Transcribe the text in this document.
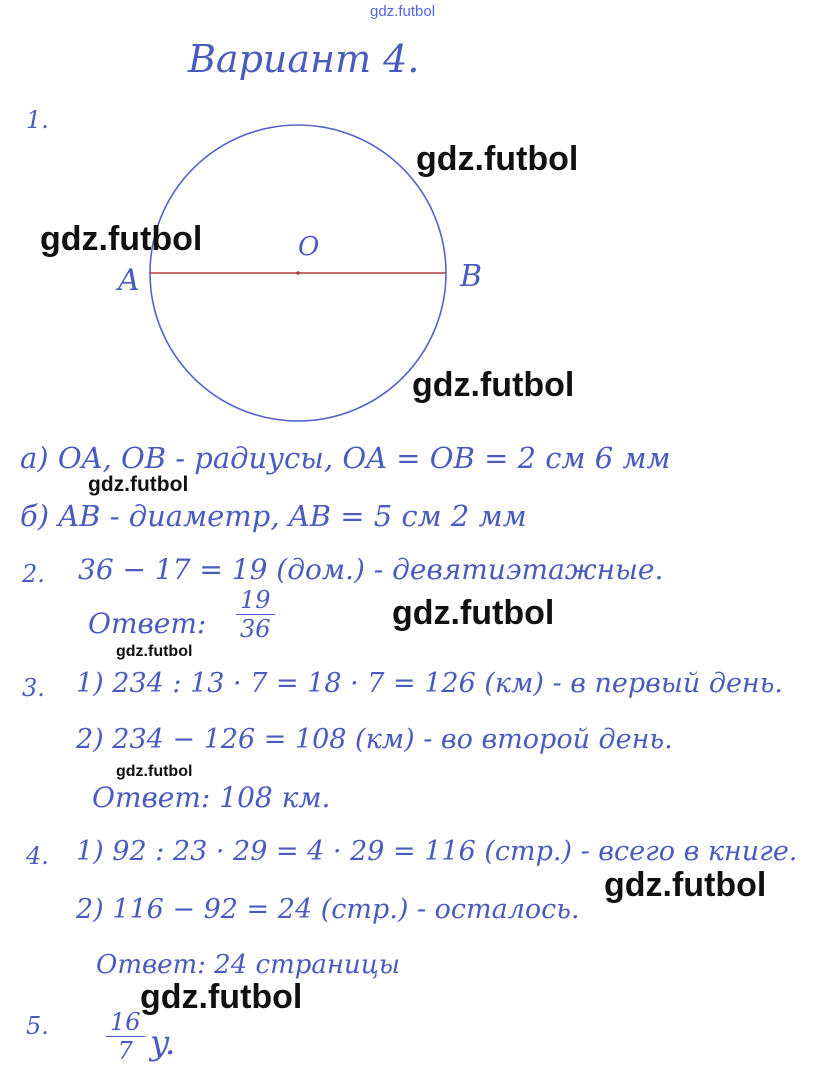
gdz.futbol
Вариант 4.
1.
A
O
B
а) OA, OB - радиусы, OA = OB = 2 см 6 мм
б) AB - диаметр, AB = 5 см 2 мм
2. 36 − 17 = 19 (дом.) - девятиэтажные.
Ответ: $\frac{19}{36}$
3. 1) 234 : 13 · 7 = 18 · 7 = 126 (км) - в первый день.
2) 234 − 126 = 108 (км) - во второй день.
Ответ: 108 км.
4. 1) 92 : 23 · 29 = 4 · 29 = 116 (стр.) - всего в книге.
2) 116 − 92 = 24 (стр.) - осталось.
Ответ: 24 страницы
5. $\frac{16}{7} y$.
gdz.futbol
gdz.futbol
gdz.futbol
gdz.futbol
gdz.futbol
gdz.futbol
gdz.futbol
gdz.futbol
gdz.futbol
